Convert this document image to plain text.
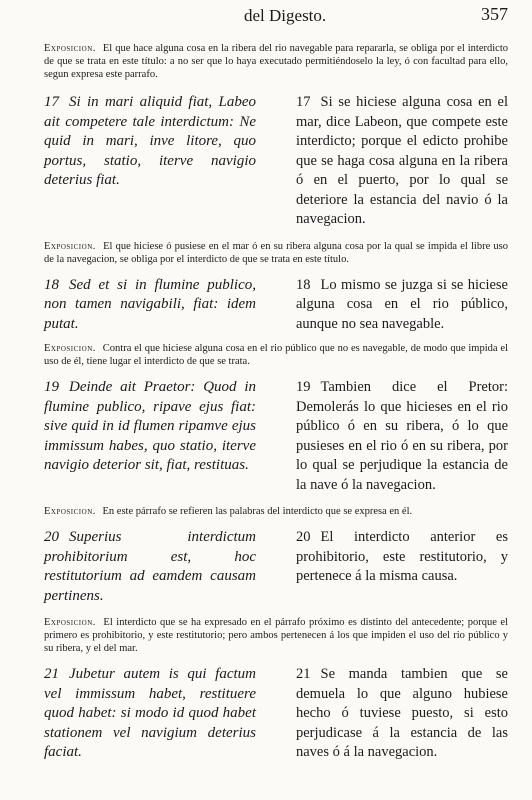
del Digesto.	357

Exposicion. El que hace alguna cosa en la ribera del rio navegable para repararla, se obliga por el interdicto de que se trata en este título: a no ser que lo haya executado permitiéndoselo la ley, ó con facultad para ello, segun expresa este parrafo.

17 Si in mari aliquid fiat, Labeo ait competere tale interdictum: Ne quid in mari, inve litore, quo portus, statio, iterve navigio deterius fiat.
17 Si se hiciese alguna cosa en el mar, dice Labeon, que compete este interdicto; porque el edicto prohibe que se haga cosa alguna en la ribera ó en el puerto, por lo qual se deteriore la estancia del navio ó la navegacion.

Exposicion. El que hiciese ó pusiese en el mar ó en su ribera alguna cosa por la qual se impida el libre uso de la navegacion, se obliga por el interdicto de que se trata en este título.

18 Sed et si in flumine publico, non tamen navigabili, fiat: idem putat.
18 Lo mismo se juzga si se hiciese alguna cosa en el rio público, aunque no sea navegable.

Exposicion. Contra el que hiciese alguna cosa en el rio público que no es navegable, de modo que impida el uso de él, tiene lugar el interdicto de que se trata.

19 Deinde ait Praetor: Quod in flumine publico, ripave ejus fiat: sive quid in id flumen ripamve ejus immissum habes, quo statio, iterve navigio deterior sit, fiat, restituas.
19 Tambien dice el Pretor: Demolerás lo que hicieses en el rio público ó en su ribera, ó lo que pusieses en el rio ó en su ribera, por lo qual se perjudique la estancia de la nave ó la navegacion.

Exposicion. En este párrafo se refieren las palabras del interdicto que se expresa en él.

20 Superius interdictum prohibitorium est, hoc restitutorium ad eamdem causam pertinens.
20 El interdicto anterior es prohibitorio, este restitutorio, y pertenece á la misma causa.

Exposicion. El interdicto que se ha expresado en el párrafo próximo es distinto del antecedente; porque el primero es prohibitorio, y este restitutorio; pero ambos pertenecen á los que impiden el uso del rio público y su ribera, y el del mar.

21 Jubetur autem is qui factum vel immissum habet, restituere quod habet: si modo id quod habet stationem vel navigium deterius faciat.
21 Se manda tambien que se demuela lo que alguno hubiese hecho ó tuviese puesto, si esto perjudicase á la estancia de las naves ó á la navegacion.
